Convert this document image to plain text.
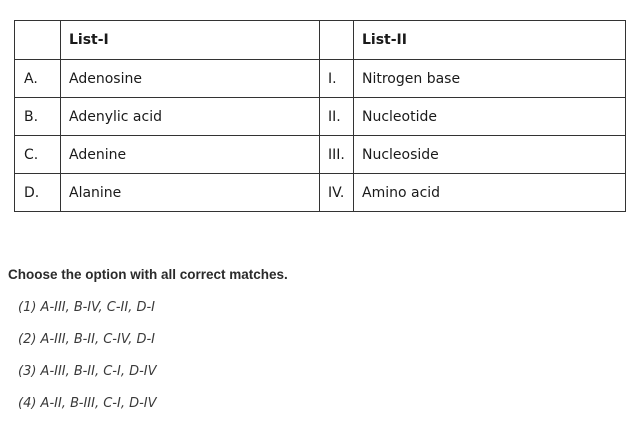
	List-I		List-II
A.	Adenosine	I.	Nitrogen base
B.	Adenylic acid	II.	Nucleotide
C.	Adenine	III.	Nucleoside
D.	Alanine	IV.	Amino acid

Choose the option with all correct matches.

(1) A-III, B-IV, C-II, D-I
(2) A-III, B-II, C-IV, D-I
(3) A-III, B-II, C-I, D-IV
(4) A-II, B-III, C-I, D-IV
